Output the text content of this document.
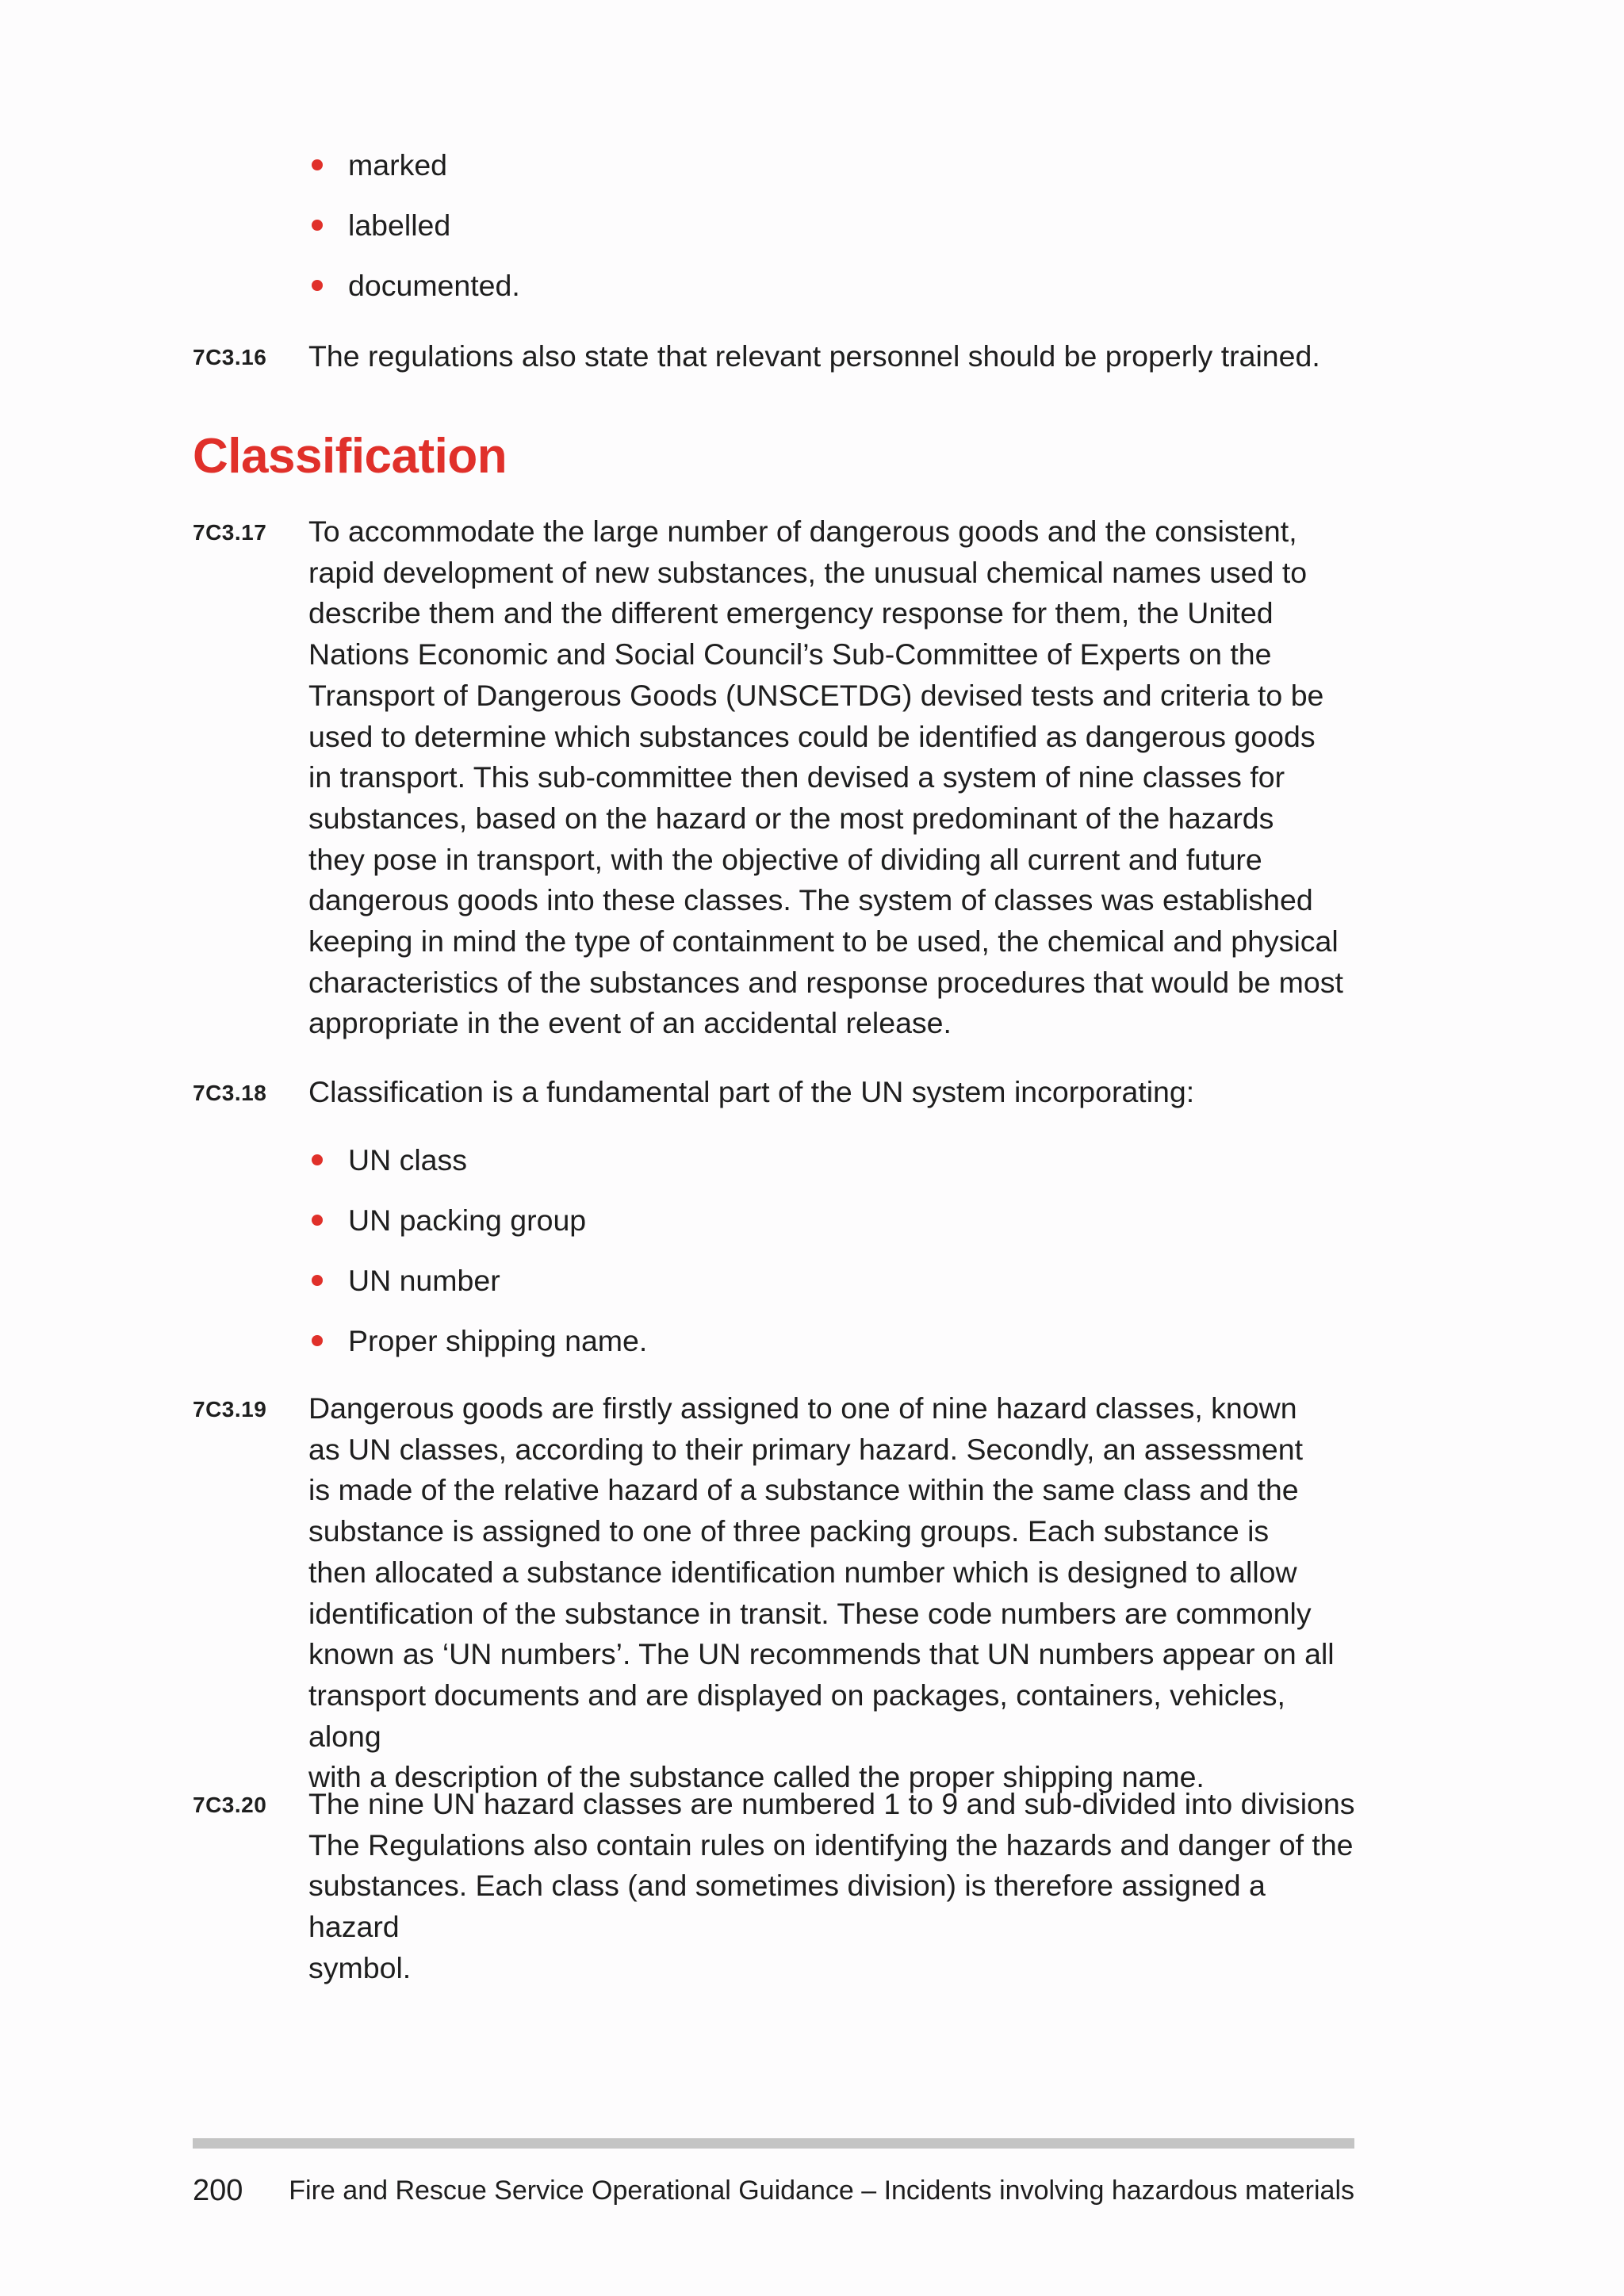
marked
labelled
documented.
7C3.16 The regulations also state that relevant personnel should be properly trained.
Classification
7C3.17 To accommodate the large number of dangerous goods and the consistent,
rapid development of new substances, the unusual chemical names used to
describe them and the different emergency response for them, the United
Nations Economic and Social Council’s Sub-Committee of Experts on the
Transport of Dangerous Goods (UNSCETDG) devised tests and criteria to be
used to determine which substances could be identified as dangerous goods
in transport. This sub-committee then devised a system of nine classes for
substances, based on the hazard or the most predominant of the hazards
they pose in transport, with the objective of dividing all current and future
dangerous goods into these classes. The system of classes was established
keeping in mind the type of containment to be used, the chemical and physical
characteristics of the substances and response procedures that would be most
appropriate in the event of an accidental release.
7C3.18 Classification is a fundamental part of the UN system incorporating:
UN class
UN packing group
UN number
Proper shipping name.
7C3.19 Dangerous goods are firstly assigned to one of nine hazard classes, known
as UN classes, according to their primary hazard. Secondly, an assessment
is made of the relative hazard of a substance within the same class and the
substance is assigned to one of three packing groups. Each substance is
then allocated a substance identification number which is designed to allow
identification of the substance in transit. These code numbers are commonly
known as ‘UN numbers’. The UN recommends that UN numbers appear on all
transport documents and are displayed on packages, containers, vehicles, along
with a description of the substance called the proper shipping name.
7C3.20 The nine UN hazard classes are numbered 1 to 9 and sub-divided into divisions
The Regulations also contain rules on identifying the hazards and danger of the
substances. Each class (and sometimes division) is therefore assigned a hazard
symbol.
200 Fire and Rescue Service Operational Guidance – Incidents involving hazardous materials
